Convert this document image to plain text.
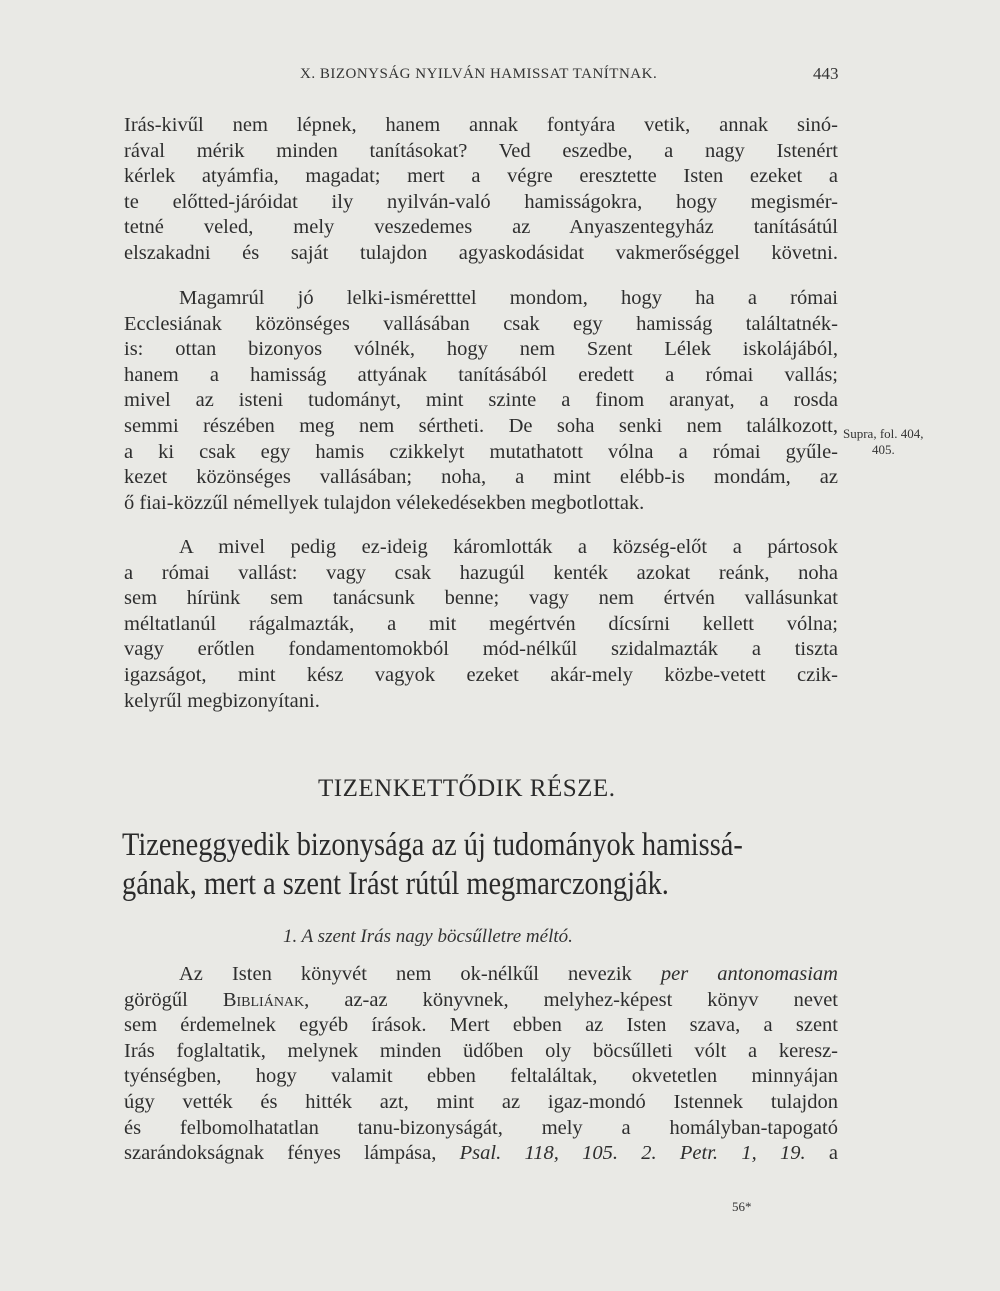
X. BIZONYSÁG NYILVÁN HAMISSAT TANÍTNAK.	443
Irás-kivűl nem lépnek, hanem annak fontyára vetik, annak sinó-
rával mérik minden tanításokat? Ved eszedbe, a nagy Istenért
kérlek atyámfia, magadat; mert a végre eresztette Isten ezeket a
te előtted-járóidat ily nyilván-való hamisságokra, hogy megismér-
tetné veled, mely veszedemes az Anyaszentegyház tanításátúl
elszakadni és saját tulajdon agyaskodásidat vakmerőséggel követni.
Magamrúl jó lelki-isméretttel mondom, hogy ha a római
Ecclesiának közönséges vallásában csak egy hamisság találtatnék-
is: ottan bizonyos vólnék, hogy nem Szent Lélek iskolájából,
hanem a hamisság attyának tanításából eredett a római vallás;
mivel az isteni tudományt, mint szinte a finom aranyat, a rosda
semmi részében meg nem sértheti. De soha senki nem találkozott,
a ki csak egy hamis czikkelyt mutathatott vólna a római gyűle-
kezet közönséges vallásában; noha, a mint elébb-is mondám, az
ő fiai-közzűl némellyek tulajdon vélekedésekben megbotlottak.
Supra, fol. 404,
405.
A mivel pedig ez-ideig káromlották a község-előt a pártosok
a római vallást: vagy csak hazugúl kenték azokat reánk, noha
sem hírünk sem tanácsunk benne; vagy nem értvén vallásunkat
méltatlanúl rágalmazták, a mit megértvén dícsírni kellett vólna;
vagy erőtlen fondamentomokból mód-nélkűl szidalmazták a tiszta
igazságot, mint kész vagyok ezeket akár-mely közbe-vetett czik-
kelyrűl megbizonyítani.
TIZENKETTŐDIK RÉSZE.
Tizeneggyedik bizonysága az új tudományok hamissá-
gának, mert a szent Irást rútúl megmarczongják.
1. A szent Irás nagy böcsűlletre méltó.
Az Isten könyvét nem ok-nélkűl nevezik per antonomasiam
görögűl Bibliának, az-az könyvnek, melyhez-képest könyv nevet
sem érdemelnek egyéb írások. Mert ebben az Isten szava, a szent
Irás foglaltatik, melynek minden üdőben oly böcsűlleti vólt a keresz-
tyénségben, hogy valamit ebben feltaláltak, okvetetlen minnyájan
úgy vették és hitték azt, mint az igaz-mondó Istennek tulajdon
és felbomolhatatlan tanu-bizonyságát, mely a homályban-tapogató
szarándokságnak fényes lámpása, Psal. 118, 105. 2. Petr. 1, 19. a
56*
